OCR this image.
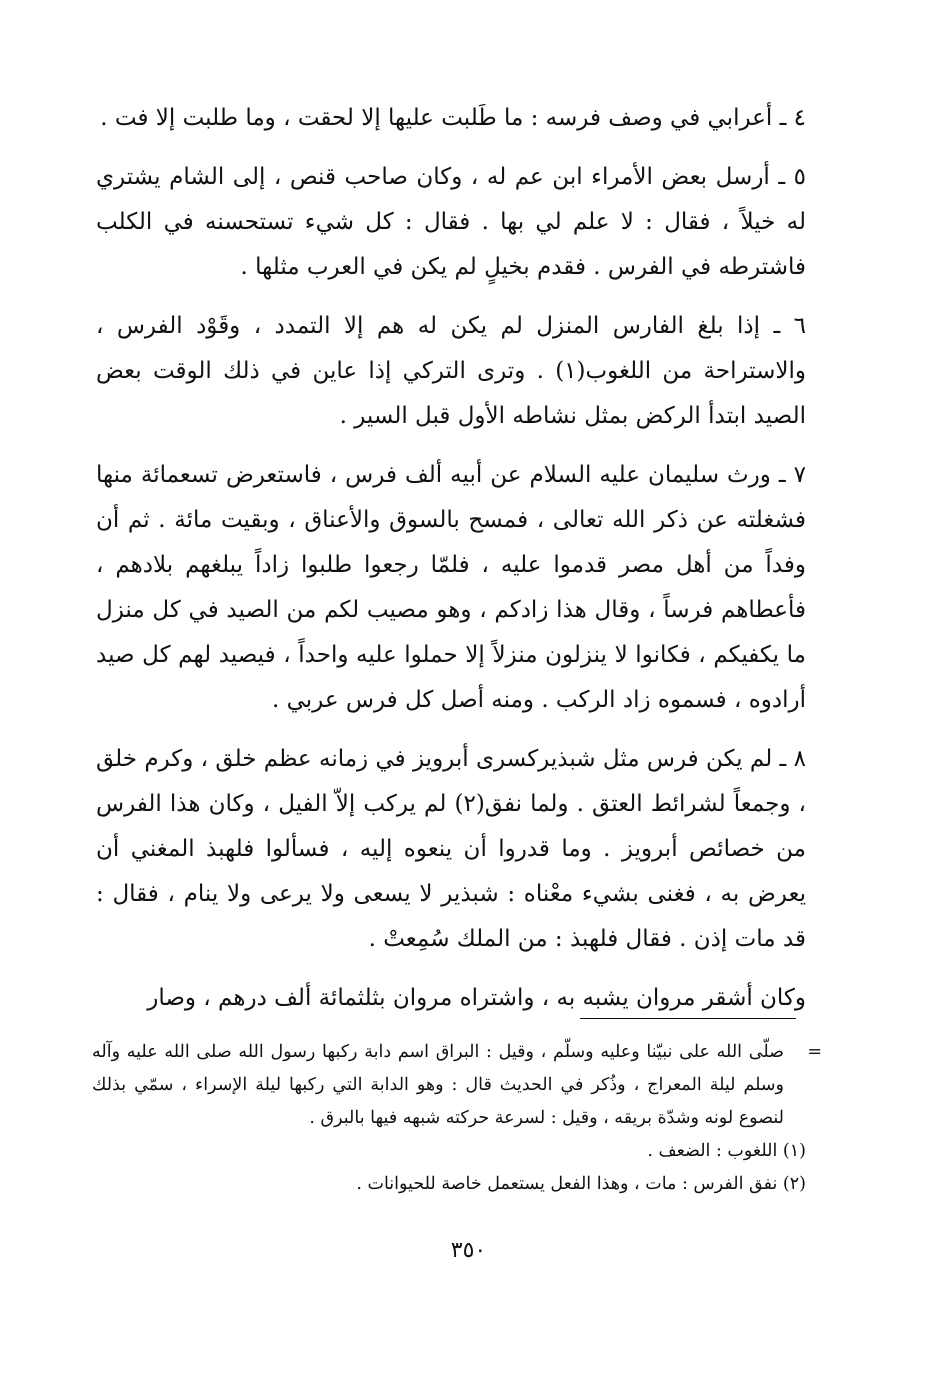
٤ ـ أعرابي في وصف فرسه : ما طَلبت عليها إلا لحقت ، وما طلبت إلا فت .

٥ ـ أرسل بعض الأمراء ابن عم له ، وكان صاحب قنص ، إلى الشام يشتري له خيلاً ، فقال : لا علم لي بها . فقال : كل شيء تستحسنه في الكلب فاشترطه في الفرس . فقدم بخيلٍ لم يكن في العرب مثلها .

٦ ـ إذا بلغ الفارس المنزل لم يكن له هم إلا التمدد ، وقَوْد الفرس ، والاستراحة من اللغوب(١) . وترى التركي إذا عاين في ذلك الوقت بعض الصيد ابتدأ الركض بمثل نشاطه الأول قبل السير .

٧ ـ ورث سليمان عليه السلام عن أبيه ألف فرس ، فاستعرض تسعمائة منها فشغلته عن ذكر الله تعالى ، فمسح بالسوق والأعناق ، وبقيت مائة . ثم أن وفداً من أهل مصر قدموا عليه ، فلمّا رجعوا طلبوا زاداً يبلغهم بلادهم ، فأعطاهم فرساً ، وقال هذا زادكم ، وهو مصيب لكم من الصيد في كل منزل ما يكفيكم ، فكانوا لا ينزلون منزلاً إلا حملوا عليه واحداً ، فيصيد لهم كل صيد أرادوه ، فسموه زاد الركب . ومنه أصل كل فرس عربي .

٨ ـ لم يكن فرس مثل شبذيركسرى أبرويز في زمانه عظم خلق ، وكرم خلق ، وجمعاً لشرائط العتق . ولما نفق(٢) لم يركب إلاّ الفيل ، وكان هذا الفرس من خصائص أبرويز . وما قدروا أن ينعوه إليه ، فسألوا فلهبذ المغني أن يعرض به ، فغنى بشيء معْناه : شبذير لا يسعى ولا يرعى ولا ينام ، فقال : قد مات إذن . فقال فلهبذ : من الملك سُمِعتْ .

وكان أشقر مروان يشبه به ، واشتراه مروان بثلثمائة ألف درهم ، وصار

=

صلّى الله على نبيّنا وعليه وسلّم ، وقيل : البراق اسم دابة ركبها رسول الله صلى الله عليه وآله وسلم ليلة المعراج ، وذُكر في الحديث قال : وهو الدابة التي ركبها ليلة الإسراء ، سمّي بذلك لنصوع لونه وشدّة بريقه ، وقيل : لسرعة حركته شبهه فيها بالبرق .

(١) اللغوب : الضعف .

(٢) نفق الفرس : مات ، وهذا الفعل يستعمل خاصة للحيوانات .

٣٥٠
